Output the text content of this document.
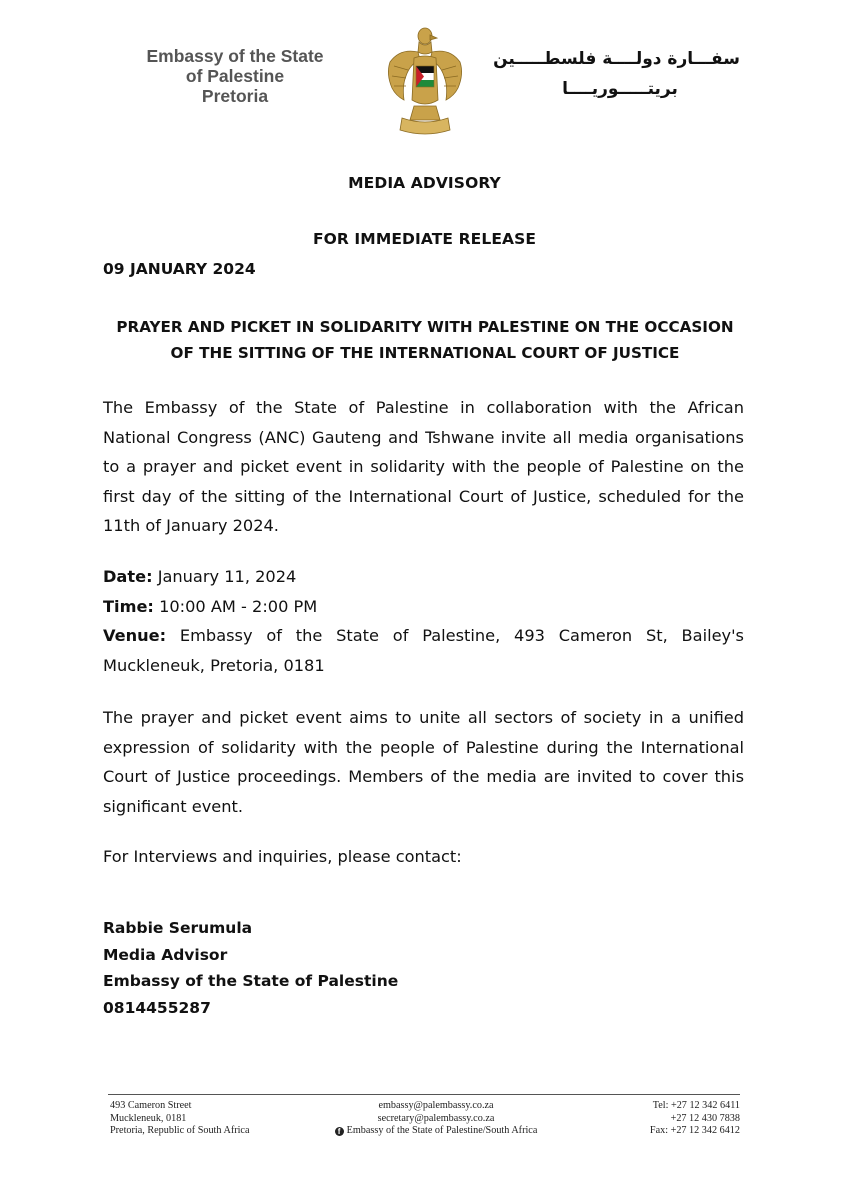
Embassy of the State
of Palestine
Pretoria
سفـــارة دولــــة فلسطـــــين
بريتـــــوريــــا
MEDIA ADVISORY
FOR IMMEDIATE RELEASE
09 JANUARY 2024
PRAYER AND PICKET IN SOLIDARITY WITH PALESTINE ON THE OCCASION
OF THE SITTING OF THE INTERNATIONAL COURT OF JUSTICE

The Embassy of the State of Palestine in collaboration with the African National Congress (ANC) Gauteng and Tshwane invite all media organisations to a prayer and picket event in solidarity with the people of Palestine on the first day of the sitting of the International Court of Justice, scheduled for the 11th of January 2024.

Date: January 11, 2024
Time: 10:00 AM - 2:00 PM
Venue: Embassy of the State of Palestine, 493 Cameron St, Bailey's Muckleneuk, Pretoria, 0181

The prayer and picket event aims to unite all sectors of society in a unified expression of solidarity with the people of Palestine during the International Court of Justice proceedings. Members of the media are invited to cover this significant event.

For Interviews and inquiries, please contact:

Rabbie Serumula
Media Advisor
Embassy of the State of Palestine
0814455287
493 Cameron Street
Muckleneuk, 0181
Pretoria, Republic of South Africa
embassy@palembassy.co.za
secretary@palembassy.co.za
f Embassy of the State of Palestine/South Africa
Tel: +27 12 342 6411
+27 12 430 7838
Fax: +27 12 342 6412
